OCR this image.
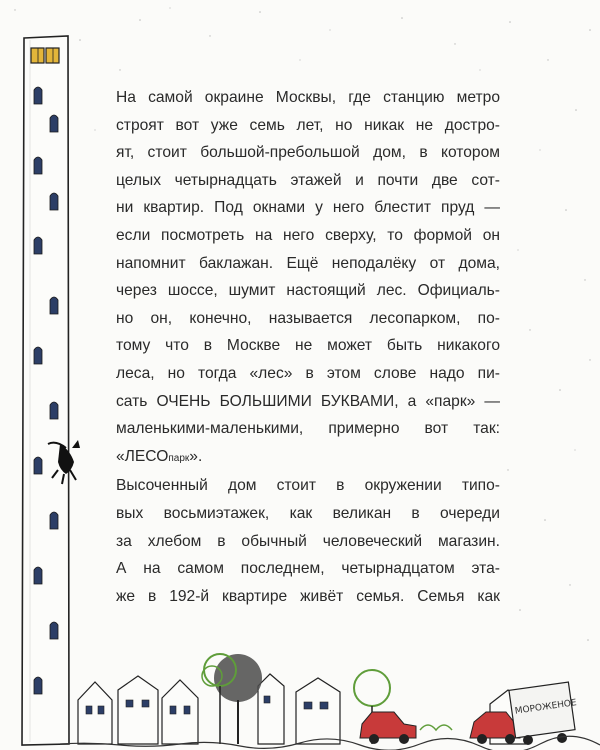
На самой окраине Москвы, где станцию метро
строят вот уже семь лет, но никак не достро-
ят, стоит большой-пребольшой дом, в котором
целых четырнадцать этажей и почти две сот-
ни квартир. Под окнами у него блестит пруд —
если посмотреть на него сверху, то формой он
напомнит баклажан. Ещё неподалёку от дома,
через шоссе, шумит настоящий лес. Официаль-
но он, конечно, называется лесопарком, по-
тому что в Москве не может быть никакого
леса, но тогда «лес» в этом слове надо пи-
сать ОЧЕНЬ БОЛЬШИМИ БУКВАМИ, а «парк» —
маленькими-маленькими, примерно вот так:
«ЛЕСОпарк».

Высоченный дом стоит в окружении типо-
вых восьмиэтажек, как великан в очереди
за хлебом в обычный человеческий магазин.
А на самом последнем, четырнадцатом эта-
же в 192-й квартире живёт семья. Семья как

МОРОЖЕНОЕ
